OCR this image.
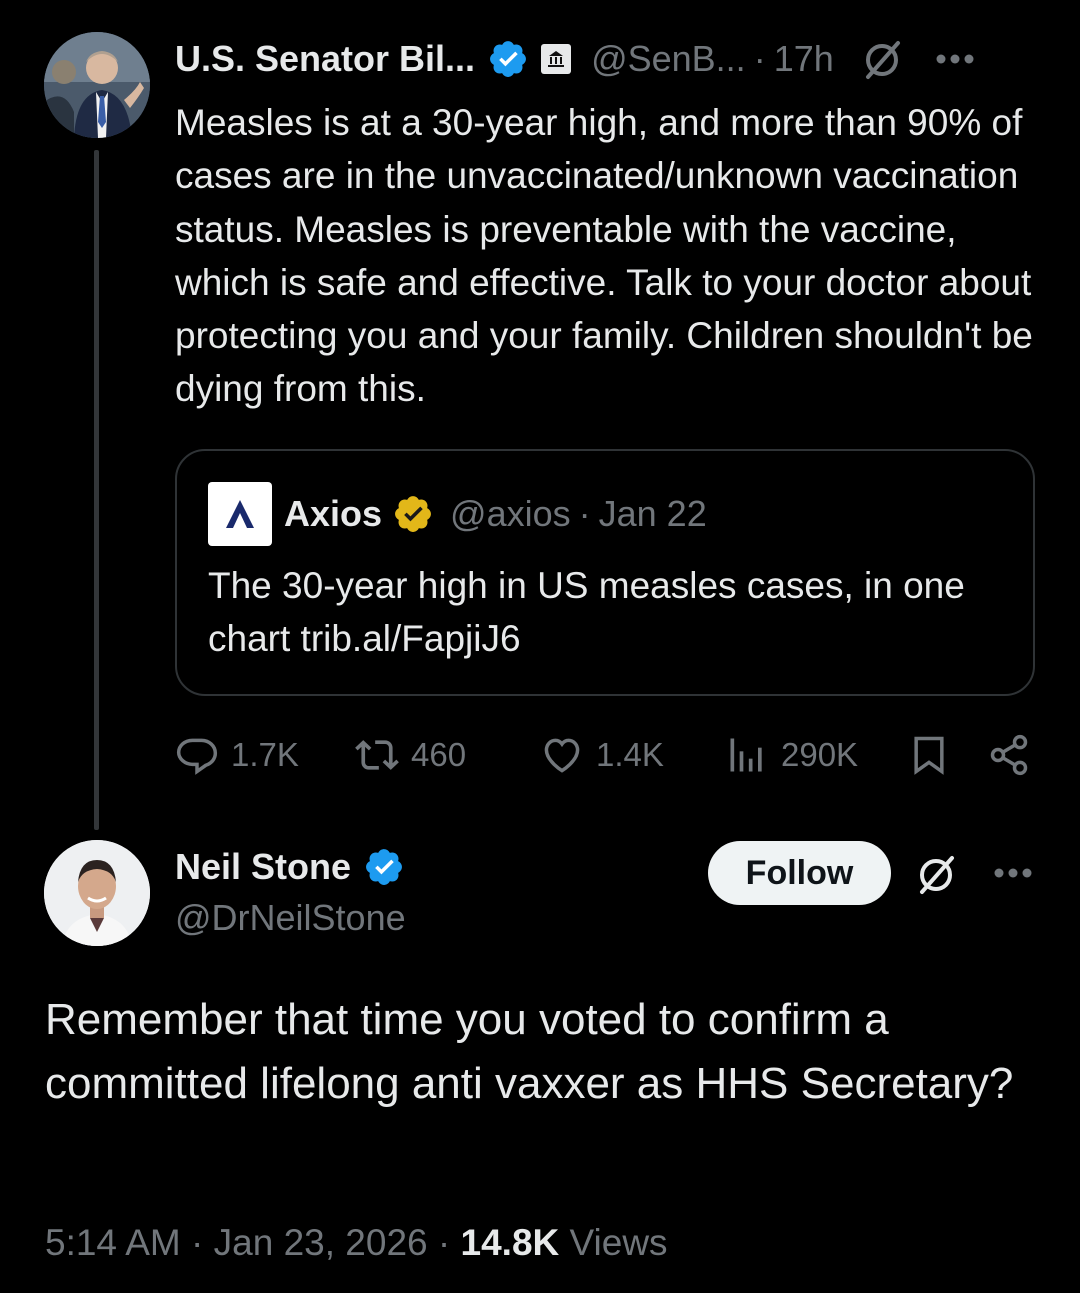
U.S. Senator Bil...	@SenB... · 17h
Measles is at a 30-year high, and more than 90% of cases are in the unvaccinated/unknown vaccination status. Measles is preventable with the vaccine, which is safe and effective. Talk to your doctor about protecting you and your family. Children shouldn't be dying from this.
Axios @axios · Jan 22
The 30-year high in US measles cases, in one chart trib.al/FapjiJ6
1.7K	460	1.4K	290K
Neil Stone
@DrNeilStone
Follow
Remember that time you voted to confirm a committed lifelong anti vaxxer as HHS Secretary?
5:14 AM · Jan 23, 2026 · 14.8K Views
